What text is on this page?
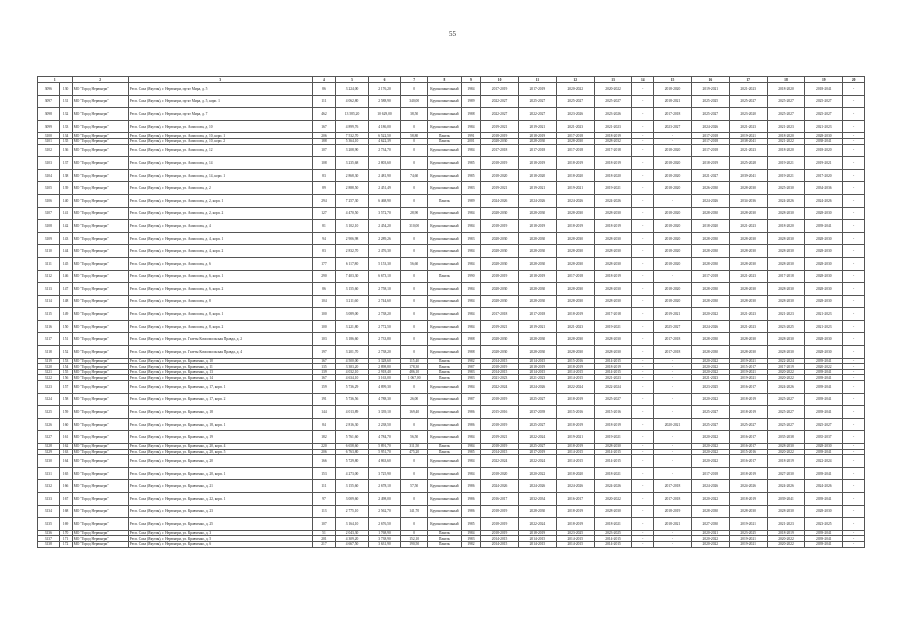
55
1		2	3	4	5	6	7	8	9	10	11	12	13	14	15	16	17	18	19	20
3096	130	МО "Город Нерюнгри"	Респ. Саха (Якутия), г. Нерюнгри, пр-кт Мира, д. 5	86	3 224,00	2 176,20	0	Крупнопанельный	1984	2017-2019	2017-2019	2020-2022	2020-2022	-	2018-2020	2019-2021	2021-2023	2018-2020	2018-2041	-
3097	131	МО "Город Нерюнгри"	Респ. Саха (Якутия), г. Нерюнгри, пр-кт Мира, д. 5, корп. 1	111	4 062,80	2 588,90	340,00	Крупнопанельный	1989	2022-2027	2025-2027	2025-2027	2025-2027	-	2018-2021	2025-2025	2025-2027	2025-2027	2025-2027	-
3098	132	МО "Город Нерюнгри"	Респ. Саха (Якутия), г. Нерюнгри, пр-кт Мира, д. 7	462	13 585,20	10 629,00	38,50	Крупнопанельный	1988	2022-2027	2022-2027	2023-2026	2023-2026	-	2017-2018	2025-2027	2023-2020	2025-2027	2025-2027	-
3099	133	МО "Город Нерюнгри"	Респ. Саха (Якутия), г. Нерюнгри, ул. Аммосова, д. 10	167	4 899,76	4 186,00	0	Крупнопанельный	1984	2019-2021	2019-2021	2021-2023	2021-2023	-	2023-2027	2024-2026	2021-2023	2021-2023	2021-2023	-
3100	134	МО "Город Нерюнгри"	Респ. Саха (Якутия), г. Нерюнгри, ул. Аммосова, д. 10, корп. 1	206	7 532,70	6 522,50	58,80	Панель	1991	2018-2019	2018-2019	2017-2018	2018-2019	-	-	2017-2018	2019-2021	2018-2020	2028-2030	-
3101	135	МО "Город Нерюнгри"	Респ. Саха (Якутия), г. Нерюнгри, ул. Аммосова, д. 10, корп. 2	188	5 364,10	4 622,39	0	Панель	2001	2028-2030	2028-2030	2028-2030	2028-2032	-	-	2017-2018	2038-2041	2021-2022	2038-2041	-
3102	136	МО "Город Нерюнгри"	Респ. Саха (Якутия), г. Нерюнгри, ул. Аммосова, д. 12	107	3 208,90	2 734,70	0	Крупнопанельный	1984	2017-2018	2017-2018	2017-2018	2017-2018	-	2018-2020	2017-2018	2021-2023	2018-2020	2018-2020	-
3103	137	МО "Город Нерюнгри"	Респ. Саха (Якутия), г. Нерюнгри, ул. Аммосова, д. 14	108	3 235,68	2 803,60	0	Крупнопанельный	1985	2018-2019	2018-2019	2018-2019	2018-2019	-	2018-2020	2018-2019	2025-2028	2019-2021	2019-2021	-
3104	138	МО "Город Нерюнгри"	Респ. Саха (Якутия), г. Нерюнгри, ул. Аммосова, д. 14, корп. 1	83	2 868,30	2 481,90	74,60	Крупнопанельный	1985	2018-2020	2018-2020	2018-2020	2018-2020	-	2018-2020	2021-2027	2039-2041	2019-2021	2017-2020	-
3105	139	МО "Город Нерюнгри"	Респ. Саха (Якутия), г. Нерюнгри, ул. Аммосова, д. 2	89	2 888,50	2 451,49	0	Крупнопанельный	1983	2019-2021	2019-2021	2019-2021	2019-2021	-	2018-2020	2026-2030	2028-2030	2025-2030	2034-2036	-
3106	140	МО "Город Нерюнгри"	Респ. Саха (Якутия), г. Нерюнгри, ул. Аммосова, д. 2, корп. 1	294	7 257,30	6 468,90	0	Панель	1989	2024-2026	2024-2026	2024-2026	2024-2026	-	-	2024-2026	2034-2036	2024-2026	2024-2026	-
3107	141	МО "Город Нерюнгри"	Респ. Саха (Якутия), г. Нерюнгри, ул. Аммосова, д. 2, корп. 2	127	4 470,50	3 572,70	28,90	Крупнопанельный	1984	2028-2030	2028-2030	2028-2030	2028-2030	-	2018-2020	2028-2030	2028-2030	2028-2030	2028-2030	-
3108	142	МО "Город Нерюнгри"	Респ. Саха (Якутия), г. Нерюнгри, ул. Аммосова, д. 4	81	3 102,10	2 454,20	310,00	Крупнопанельный	1984	2018-2019	2018-2019	2018-2019	2018-2019	-	2018-2020	2018-2020	2021-2023	2018-2020	2039-2041	-
3109	143	МО "Город Нерюнгри"	Респ. Саха (Якутия), г. Нерюнгри, ул. Аммосова, д. 4, корп. 1	94	2 906,98	2 289,26	0	Крупнопанельный	1983	2028-2030	2028-2030	2028-2030	2028-2030	-	2018-2020	2028-2030	2028-2030	2028-2030	2028-2030	-
3110	144	МО "Город Нерюнгри"	Респ. Саха (Якутия), г. Нерюнгри, ул. Аммосова, д. 4, корп. 2	83	2 832,70	2 476,30	0	Крупнопанельный	1984	2028-2030	2028-2030	2028-2030	2028-2030	-	2018-2020	2028-2030	2028-2030	2028-2030	2028-2030	-
3111	145	МО "Город Нерюнгри"	Респ. Саха (Якутия), г. Нерюнгри, ул. Аммосова, д. 6	177	6 117,80	5 153,30	56,60	Крупнопанельный	1984	2028-2030	2028-2030	2028-2030	2028-2030	-	2018-2020	2028-2030	2028-2030	2028-2030	2028-2030	-
3112	146	МО "Город Нерюнгри"	Респ. Саха (Якутия), г. Нерюнгри, ул. Аммосова, д. 6, корп. 1	290	7 403,30	6 673,10	0	Панель	1990	2018-2019	2018-2019	2017-2018	2018-2019	-	-	2017-2018	2021-2023	2017-2018	2028-2030	-
3113	147	МО "Город Нерюнгри"	Респ. Саха (Якутия), г. Нерюнгри, ул. Аммосова, д. 6, корп. 2	86	3 155,60	2 758,10	0	Крупнопанельный	1984	2028-2030	2028-2030	2028-2030	2028-2030	-	2018-2020	2028-2030	2028-2030	2028-2030	2028-2030	-
3114	148	МО "Город Нерюнгри"	Респ. Саха (Якутия), г. Нерюнгри, ул. Аммосова, д. 8	104	3 211,60	2 744,60	0	Крупнопанельный	1984	2028-2030	2028-2030	2028-2030	2028-2030	-	2018-2020	2028-2030	2028-2030	2028-2030	2028-2030	-
3115	149	МО "Город Нерюнгри"	Респ. Саха (Якутия), г. Нерюнгри, ул. Аммосова, д. 8, корп. 1	100	3 089,00	2 738,20	0	Крупнопанельный	1984	2017-2018	2017-2018	2018-2019	2017-2018	-	2019-2021	2020-2022	2021-2023	2021-2023	2021-2023	-
3116	150	МО "Город Нерюнгри"	Респ. Саха (Якутия), г. Нерюнгри, ул. Аммосова, д. 8, корп. 2	100	3 221,80	2 772,50	0	Крупнопанельный	1984	2019-2021	2019-2021	2021-2023	2019-2021	-	2025-2027	2024-2026	2021-2023	2023-2025	2021-2023	-
3117	151	МО "Город Нерюнгри"	Респ. Саха (Якутия), г. Нерюнгри, ул. Газеты Комсомольская Правда, д. 2	103	3 186,60	2 733,80	0	Крупнопанельный	1988	2028-2030	2028-2030	2028-2030	2028-2030	-	2017-2018	2028-2030	2028-2030	2028-2030	2028-2030	-
3118	152	МО "Город Нерюнгри"	Респ. Саха (Якутия), г. Нерюнгри, ул. Газеты Комсомольская Правда, д. 4	197	3 201,70	2 738,20	0	Крупнопанельный	1988	2028-2030	2028-2030	2028-2030	2028-2030	-	2017-2018	2028-2030	2028-2030	2028-2030	2028-2030	-
3119	153	МО "Город Нерюнгри"	Респ. Саха (Якутия), г. Нерюнгри, ул. Кравченко, д. 10	167	4 500,00	3 328,60	115,40	Панель	1982	2014-2015	2014-2015	2015-2016	2014-2015	-	-	2020-2022	2019-2021	2022-2024	2039-2041	-
3120	154	МО "Город Нерюнгри"	Респ. Саха (Якутия), г. Нерюнгри, ул. Кравченко, д. 11	135	3 383,20	2 898,80	178,30	Панель	1987	2018-2019	2018-2019	2018-2019	2018-2019	-	-	2020-2022	2015-2017	2017-2019	2020-2022	-
3121	155	МО "Город Нерюнгри"	Респ. Саха (Якутия), г. Нерюнгри, ул. Кравченко, д. 13	139	4 032,10	2 918,40	486,10	Панель	1983	2014-2015	2014-2015	2014-2015	2014-2015	-	-	2020-2022	2019-2021	2020-2022	2039-2041	-
3122	156	МО "Город Нерюнгри"	Респ. Саха (Якутия), г. Нерюнгри, ул. Кравченко, д. 14	167	4 634,10	3 163,00	1 067,00	Панель	1983	2021-2023	2021-2023	2014-2015	2021-2023	-	-	2021-2023	2019-2021	2020-2022	2039-2041	-
3123	157	МО "Город Нерюнгри"	Респ. Саха (Якутия), г. Нерюнгри, ул. Кравченко, д. 17, корп. 1	159	5 736,29	4 899,30	0	Крупнопанельный	1984	2022-2024	2024-2026	2022-2024	2022-2024	-	-	2023-2025	2016-2017	2024-2026	2039-2041	-
3124	158	МО "Город Нерюнгри"	Респ. Саха (Якутия), г. Нерюнгри, ул. Кравченко, д. 17, корп. 2	191	5 736,56	4 788,30	26,00	Крупнопанельный	1987	2018-2019	2025-2027	2018-2019	2025-2027	-	-	2020-2022	2018-2019	2025-2027	2039-2041	-
3125	159	МО "Город Нерюнгри"	Респ. Саха (Якутия), г. Нерюнгри, ул. Кравченко, д. 18	144	4 013,89	3 339,10	169,40	Крупнопанельный	1986	2015-2016	2037-2039	2015-2016	2015-2016	-	-	2025-2027	2018-2019	2025-2027	2039-2041	-
3126	160	МО "Город Нерюнгри"	Респ. Саха (Якутия), г. Нерюнгри, ул. Кравченко, д. 18, корп. 1	84	2 816,30	2 238,50	0	Крупнопанельный	1986	2018-2019	2025-2027	2018-2019	2018-2019	-	2020-2021	2025-2027	2025-2027	2025-2027	2025-2027	-
3127	161	МО "Город Нерюнгри"	Респ. Саха (Якутия), г. Нерюнгри, ул. Кравченко, д. 19	182	5 761,60	4 784,70	56,50	Крупнопанельный	1984	2019-2021	2022-2024	2019-2021	2019-2021	-	-	2020-2022	2016-2017	2035-2038	2035-2037	-
3128	162	МО "Город Нерюнгри"	Респ. Саха (Якутия), г. Нерюнгри, ул. Кравченко, д. 20, корп. 4	220	6 658,60	5 891,70	311,50	Панель	1984	2018-2019	2025-2027	2018-2019	2028-2030	-	-	2020-2022	2016-2017	2028-2030	2028-2030	-
3129	163	МО "Город Нерюнгри"	Респ. Саха (Якутия), г. Нерюнгри, ул. Кравченко, д. 20, корп. 5	206	6 763,80	5 951,70	475,20	Панель	1985	2014-2015	2017-2019	2014-2015	2014-2015	-	-	2020-2022	2015-2016	2020-2022	2039-2041	-
3130	164	МО "Город Нерюнгри"	Респ. Саха (Якутия), г. Нерюнгри, ул. Кравченко, д. 20	166	5 729,80	4 863,60	0	Крупнопанельный	1984	2022-2024	2022-2024	2014-2015	2014-2015	-	-	2020-2022	2016-2017	2018-2019	2022-2024	-
3131	165	МО "Город Нерюнгри"	Респ. Саха (Якутия), г. Нерюнгри, ул. Кравченко, д. 20, корп. 1	153	4 273,00	3 725,90	0	Крупнопанельный	1984	2018-2020	2020-2022	2018-2020	2018-2021	-	-	2017-2018	2018-2019	2027-2030	2039-2041	-
3132	166	МО "Город Нерюнгри"	Респ. Саха (Якутия), г. Нерюнгри, ул. Кравченко, д. 21	111	3 155,60	2 678,10	57,50	Крупнопанельный	1986	2024-2026	2024-2026	2024-2026	2024-2026	-	2017-2018	2024-2026	2024-2026	2024-2026	2024-2026	-
3133	167	МО "Город Нерюнгри"	Респ. Саха (Якутия), г. Нерюнгри, ул. Кравченко, д. 22, корп. 1	97	3 009,60	2 498,00	0	Крупнопанельный	1986	2016-2017	2032-2034	2016-2017	2020-2022	-	2017-2018	2020-2022	2018-2019	2039-2041	2039-2041	-
3134	168	МО "Город Нерюнгри"	Респ. Саха (Якутия), г. Нерюнгри, ул. Кравченко, д. 23	113	2 775,10	2 562,70	141,70	Крупнопанельный	1986	2018-2019	2028-2030	2018-2019	2028-2030	-	2018-2019	2028-2030	2028-2030	2028-2030	2028-2030	-
3135	169	МО "Город Нерюнгри"	Респ. Саха (Якутия), г. Нерюнгри, ул. Кравченко, д. 25	107	3 164,10	2 676,50	0	Крупнопанельный	1985	2018-2019	2022-2024	2018-2019	2018-2021	-	2018-2021	2027-2030	2019-2021	2021-2023	2023-2025	-
3136	170	МО "Город Нерюнгри"	Респ. Саха (Якутия), г. Нерюнгри, ул. Кравченко, д. 3	51	2 043,30	1 768,90	0	Панель	1984	2018-2019	2018-2019	2023-2025	2023-2025	-	-	2020-2021	2023-2025	2018-2019	2039-2041	-
3137	171	МО "Город Нерюнгри"	Респ. Саха (Якутия), г. Нерюнгри, ул. Кравченко, д. 5	201	4 309,20	3 738,90	152,10	Панель	1983	2014-2015	2014-2015	2014-2015	2014-2015	-	-	2020-2022	2019-2021	2020-2022	2039-2041	-
3138	172	МО "Город Нерюнгри"	Респ. Саха (Якутия), г. Нерюнгри, ул. Кравченко, д. 6	217	4 667,50	3 631,90	190,50	Панель	1982	2014-2015	2014-2015	2014-2015	2014-2015	-	-	2020-2022	2019-2021	2020-2022	2039-2041	-
